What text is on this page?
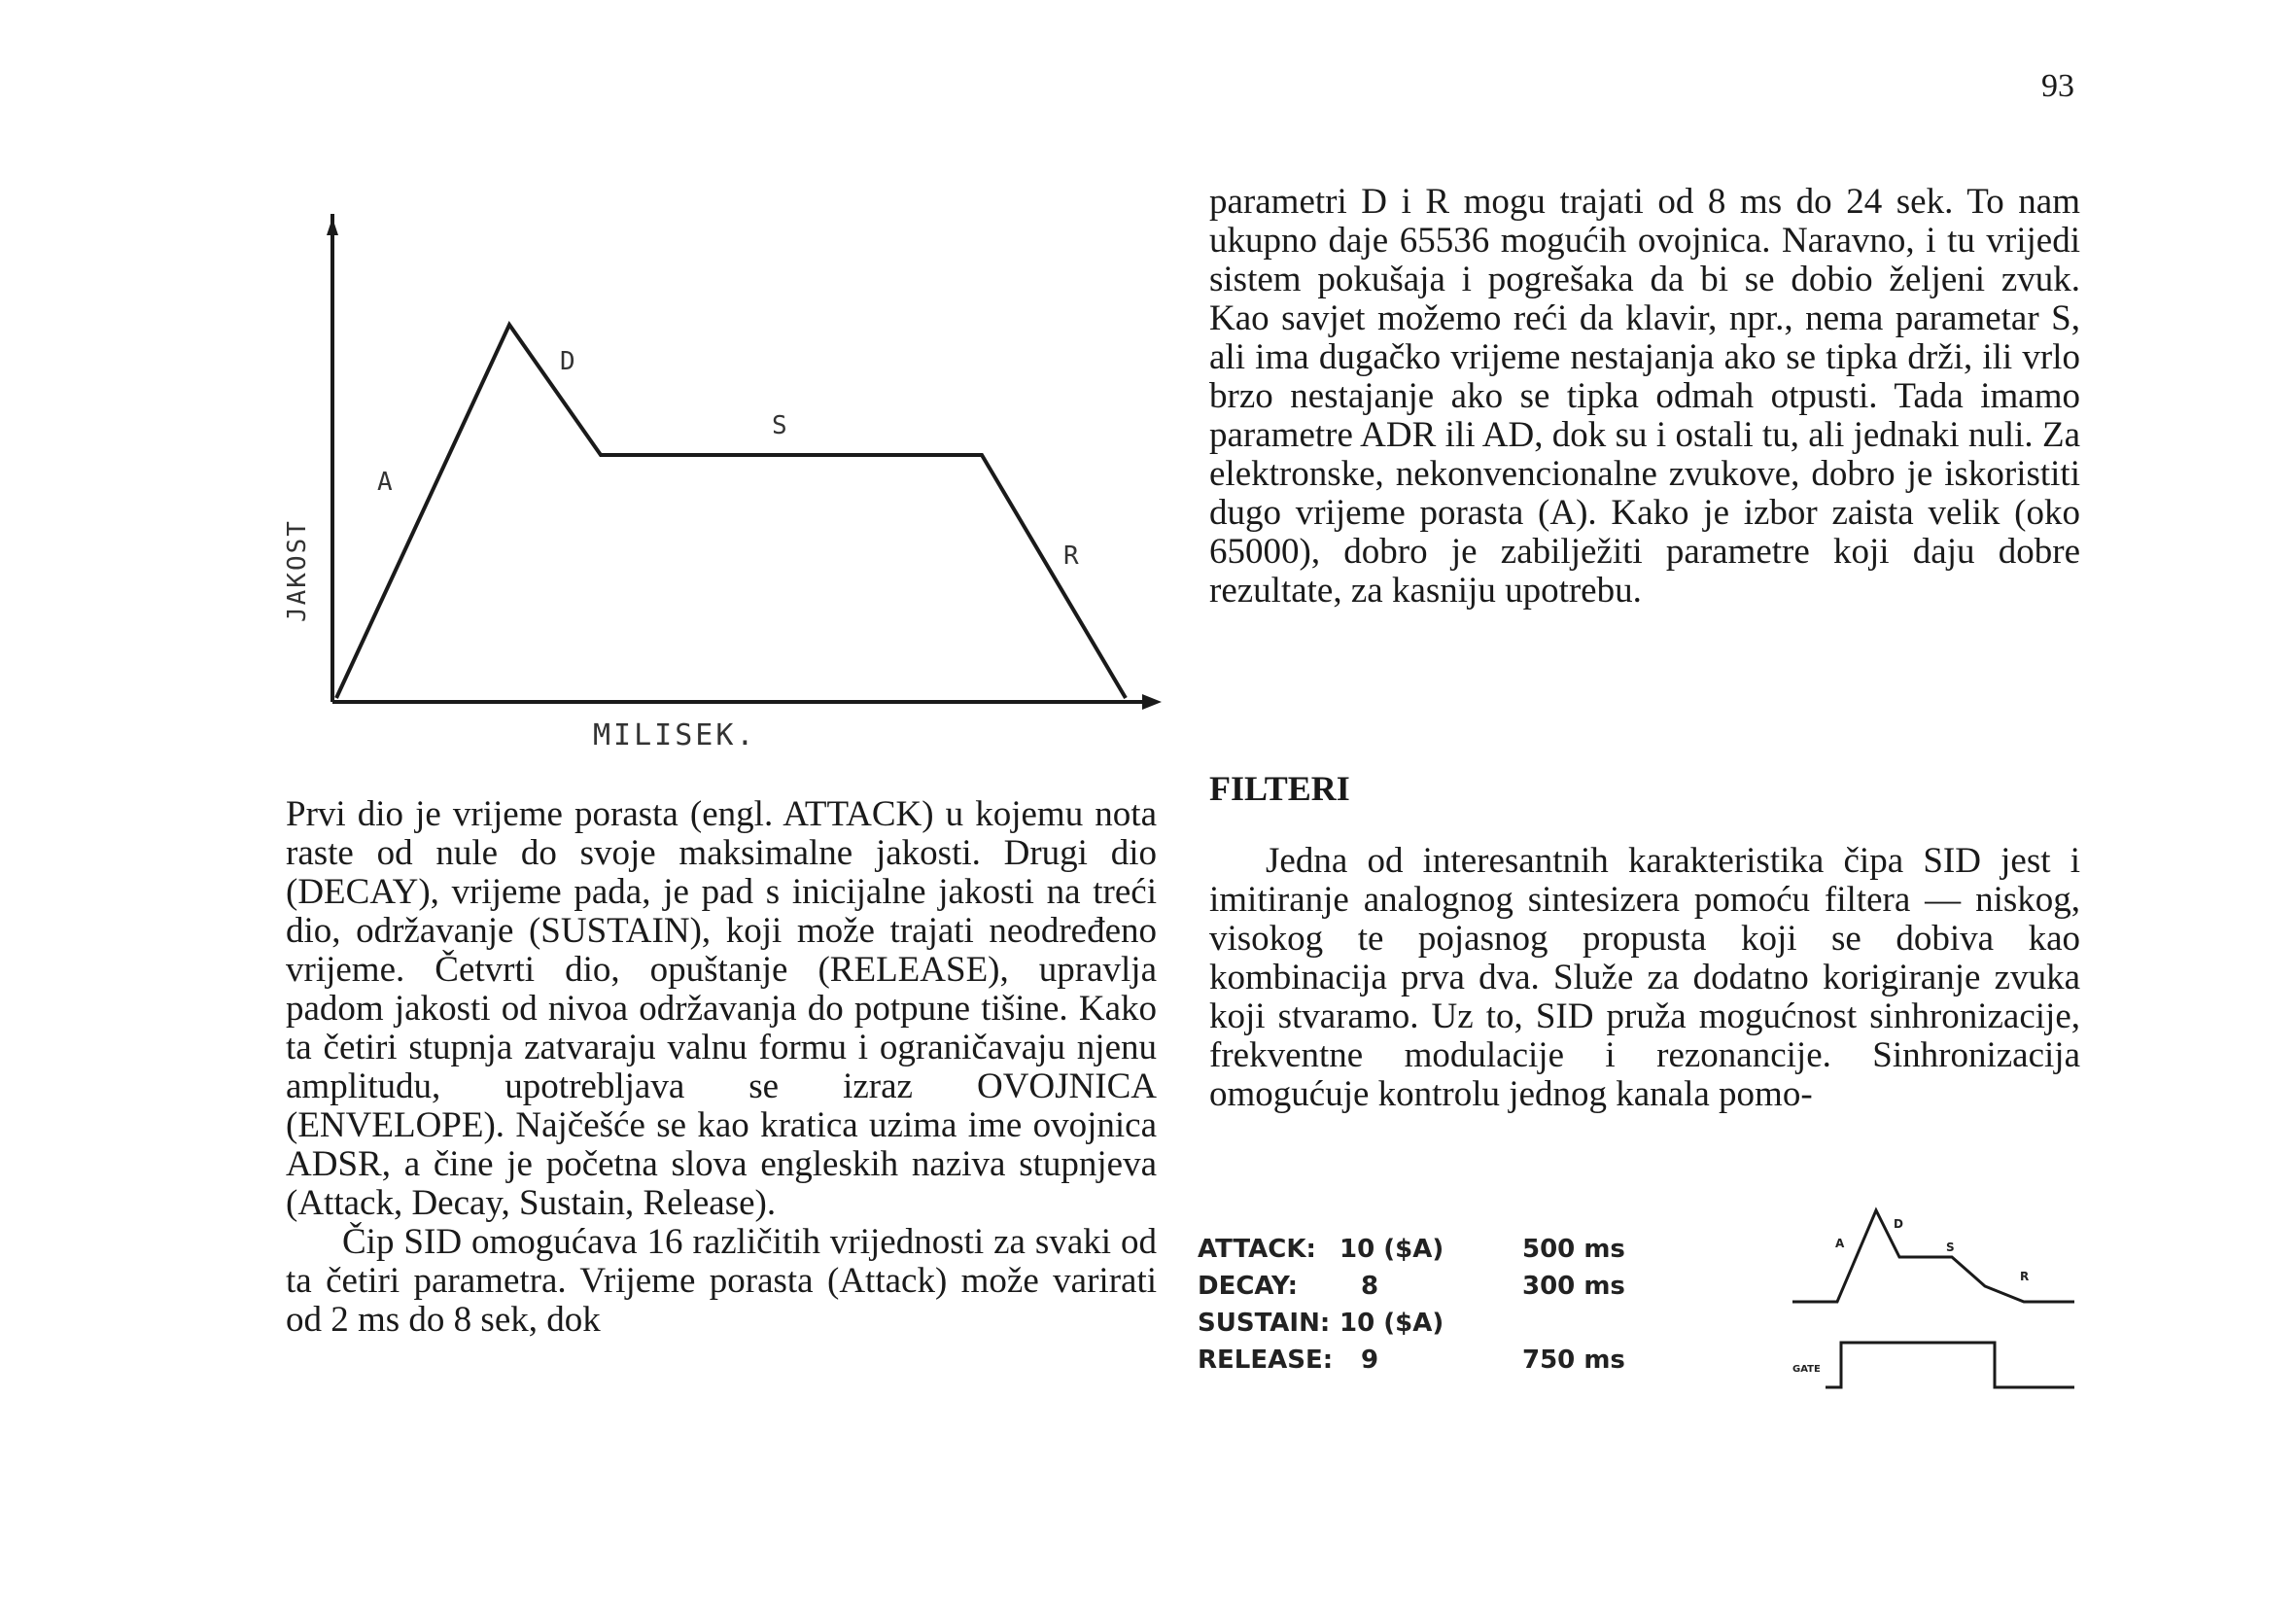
93
JAKOST
MILISEK.
A
D
S
R

parametri D i R mogu trajati od 8 ms do 24 sek. To nam ukupno daje 65536 mogućih ovojnica. Naravno, i tu vrijedi sistem pokušaja i pogrešaka da bi se dobio željeni zvuk. Kao savjet možemo reći da klavir, npr., nema parametar S, ali ima dugačko vrijeme nestajanja ako se tipka drži, ili vrlo brzo nestajanje ako se tipka odmah otpusti. Tada imamo parametre ADR ili AD, dok su i ostali tu, ali jednaki nuli. Za elektronske, nekonvencionalne zvukove, dobro je iskoristiti dugo vrijeme porasta (A). Kako je izbor zaista velik (oko 65000), dobro je zabilježiti parametre koji daju dobre rezultate, za kasniju upotrebu.

FILTERI

Jedna od interesantnih karakteristika čipa SID jest i imitiranje analognog sintesizera pomoću filtera — niskog, visokog te pojasnog propusta koji se dobiva kao kombinacija prva dva. Služe za dodatno korigiranje zvuka koji stvaramo. Uz to, SID pruža mogućnost sinhronizacije, frekventne modulacije i rezonancije. Sinhronizacija omogućuje kontrolu jednog kanala pomo-

Prvi dio je vrijeme porasta (engl. ATTACK) u kojemu nota raste od nule do svoje maksimalne jakosti. Drugi dio (DECAY), vrijeme pada, je pad s inicijalne jakosti na treći dio, održavanje (SUSTAIN), koji može trajati neodređeno vrijeme. Četvrti dio, opuštanje (RELEASE), upravlja padom jakosti od nivoa održavanja do potpune tišine. Kako ta četiri stupnja zatvaraju valnu formu i ograničavaju njenu amplitudu, upotrebljava se izraz OVOJNICA (ENVELOPE). Najčešće se kao kratica uzima ime ovojnica ADSR, a čine je početna slova engleskih naziva stupnjeva (Attack, Decay, Sustain, Release).

Čip SID omogućava 16 različitih vrijednosti za svaki od ta četiri parametra. Vrijeme porasta (Attack) može varirati od 2 ms do 8 sek, dok

ATTACK: 10 ($A)	500 ms
DECAY: 8	300 ms
SUSTAIN: 10 ($A)
RELEASE: 9	750 ms
A
D
S
R
GATE
